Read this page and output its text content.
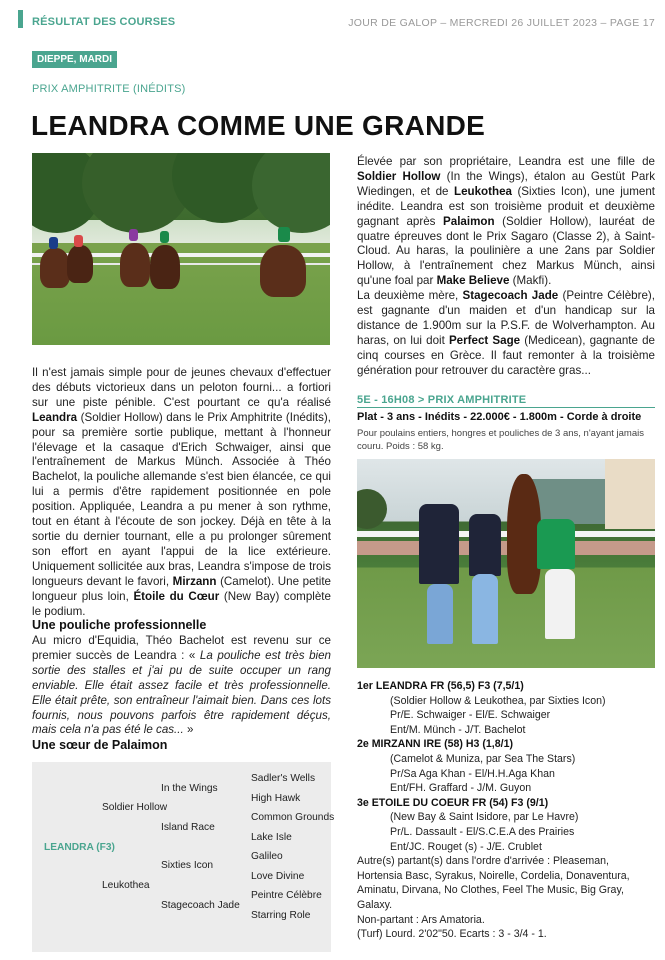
RÉSULTAT DES COURSES	JOUR DE GALOP – MERCREDI 26 JUILLET 2023 – PAGE 17
DIEPPE, MARDI
PRIX AMPHITRITE (INÉDITS)
LEANDRA COMME UNE GRANDE
Il n'est jamais simple pour de jeunes chevaux d'effectuer des débuts victorieux dans un peloton fourni... a fortiori sur une piste pénible. C'est pourtant ce qu'a réalisé Leandra (Soldier Hollow) dans le Prix Amphitrite (Inédits), pour sa première sortie publique, mettant à l'honneur l'élevage et la casaque d'Erich Schwaiger, ainsi que l'entraînement de Markus Münch. Associée à Théo Bachelot, la pouliche allemande s'est bien élancée, ce qui lui a permis d'être rapidement positionnée en pole position. Appliquée, Leandra a pu mener à son rythme, tout en étant à l'écoute de son jockey. Déjà en tête à la sortie du dernier tournant, elle a pu prolonger sûrement son effort en ayant l'appui de la lice extérieure. Uniquement sollicitée aux bras, Leandra s'impose de trois longueurs devant le favori, Mirzann (Camelot). Une petite longueur plus loin, Étoile du Cœur (New Bay) complète le podium.
Une pouliche professionnelle
Au micro d'Equidia, Théo Bachelot est revenu sur ce premier succès de Leandra : « La pouliche est très bien sortie des stalles et j'ai pu de suite occuper un rang enviable. Elle était assez facile et très professionnelle. Elle était prête, son entraîneur l'aimait bien. Dans ces lots fournis, nous pouvons parfois être rapidement déçus, mais cela n'a pas été le cas... »
Une sœur de Palaimon
LEANDRA (F3)
Soldier Hollow
Leukothea
In the Wings
Island Race
Sixties Icon
Stagecoach Jade
Sadler's Wells
High Hawk
Common Grounds
Lake Isle
Galileo
Love Divine
Peintre Célèbre
Starring Role
Élevée par son propriétaire, Leandra est une fille de Soldier Hollow (In the Wings), étalon au Gestüt Park Wiedingen, et de Leukothea (Sixties Icon), une jument inédite. Leandra est son troisième produit et deuxième gagnant après Palaimon (Soldier Hollow), lauréat de quatre épreuves dont le Prix Sagaro (Classe 2), à Saint-Cloud. Au haras, la poulinière a une 2ans par Soldier Hollow, à l'entraînement chez Markus Münch, ainsi qu'une foal par Make Believe (Makfi).
La deuxième mère, Stagecoach Jade (Peintre Célèbre), est gagnante d'un maiden et d'un handicap sur la distance de 1.900m sur la P.S.F. de Wolverhampton. Au haras, on lui doit Perfect Sage (Medicean), gagnante de cinq courses en Grèce. Il faut remonter à la troisième génération pour retrouver du caractère gras...
5E - 16H08 > PRIX AMPHITRITE
Plat - 3 ans - Inédits - 22.000€ - 1.800m - Corde à droite
Pour poulains entiers, hongres et pouliches de 3 ans, n'ayant jamais couru. Poids : 58 kg.
1er LEANDRA FR (56,5) F3 (7,5/1)
(Soldier Hollow & Leukothea, par Sixties Icon)
Pr/E. Schwaiger - El/E. Schwaiger
Ent/M. Münch - J/T. Bachelot
2e MIRZANN IRE (58) H3 (1,8/1)
(Camelot & Muniza, par Sea The Stars)
Pr/Sa Aga Khan - El/H.H.Aga Khan
Ent/FH. Graffard - J/M. Guyon
3e ETOILE DU COEUR FR (54) F3 (9/1)
(New Bay & Saint Isidore, par Le Havre)
Pr/L. Dassault - El/S.C.E.A des Prairies
Ent/JC. Rouget (s) - J/E. Crublet
Autre(s) partant(s) dans l'ordre d'arrivée : Pleaseman, Hortensia Basc, Syrakus, Noirelle, Cordelia, Donaventura, Aminatu, Dirvana, No Clothes, Feel The Music, Big Gray, Galaxy.
Non-partant : Ars Amatoria.
(Turf) Lourd. 2'02"50. Ecarts : 3 - 3/4 - 1.
